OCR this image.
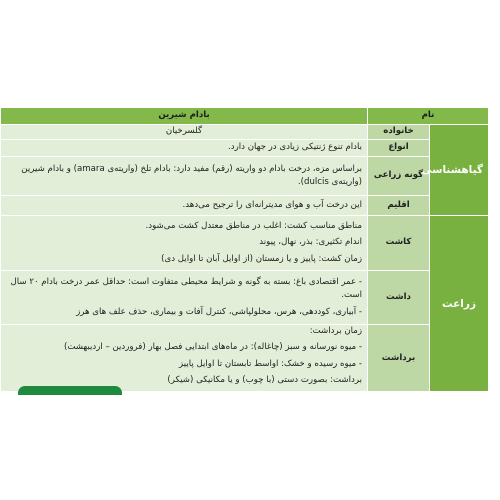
نام		بادام شیرین
گیاهشناسی	خانواده	گلسرخیان
	انواع	بادام تنوع ژنتیکی زیادی در جهان دارد.
	گونه زراعی	براساس مزه، درخت بادام دو واریته (رقم) مفید دارد: بادام تلخ (واریته‌ی amara) و بادام شیرین (واریته‌ی dulcis).
	اقلیم	این درخت آب و هوای مدیترانه‌ای را ترجیح می‌دهد.
زراعت	کاشت	مناطق مناسب کشت: اغلب در مناطق معتدل کشت می‌شود.

اندام تکثیری: بذر، نهال، پیوند

زمان کشت: پاییز و یا زمستان (از اوایل آبان تا اوایل دی)

	داشت	- عمر اقتصادی باغ: بسته به گونه و شرایط محیطی متفاوت است: حداقل عمر درخت بادام ۲۰ سال است.

- آبیاری، کوددهی، هرس، محلولپاشی، کنترل آفات و بیماری، حذف علف های هرز

	برداشت	زمان برداشت:

- میوه نورسانه و سبز (چاغاله): در ماه‌های ابتدایی فصل بهار (فروردین – اردیبهشت)

- میوه رسیده و خشک: اواسط تابستان تا اوایل پاییز

برداشت: بصورت دستی (با چوب) و یا مکانیکی (شیکر)
